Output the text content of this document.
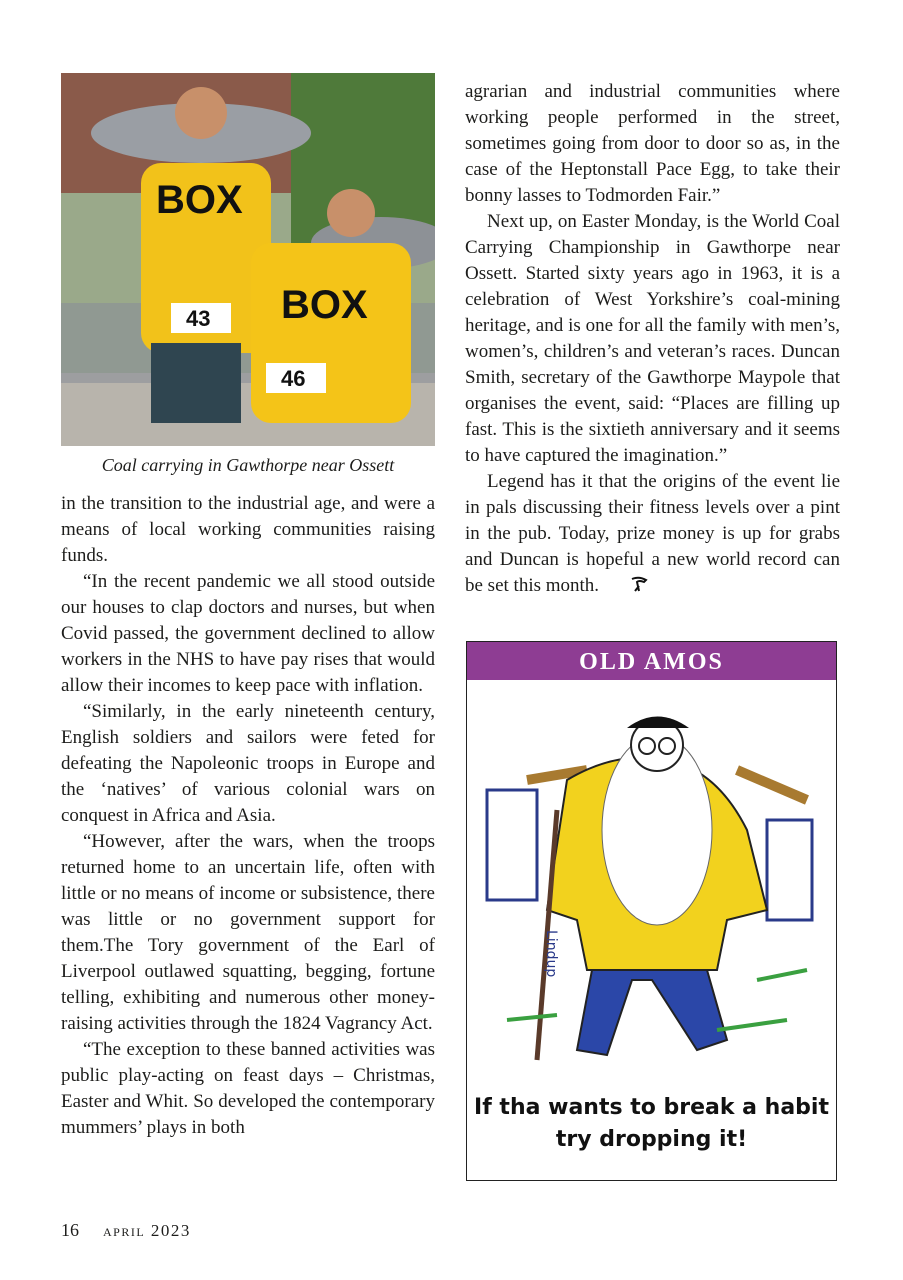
43
BOX
46
BOX
Coal carrying in Gawthorpe near Ossett

in the transition to the industrial age, and were a means of local working communities raising funds.

“In the recent pandemic we all stood outside our houses to clap doctors and nurses, but when Covid passed, the government declined to allow workers in the NHS to have pay rises that would allow their incomes to keep pace with inflation.

“Similarly, in the early nineteenth century, English soldiers and sailors were feted for defeating the Napoleonic troops in Europe and the ‘natives’ of various colonial wars on conquest in Africa and Asia.

“However, after the wars, when the troops returned home to an uncertain life, often with little or no means of income or subsistence, there was little or no government support for them.The Tory government of the Earl of Liverpool outlawed squatting, begging, fortune telling, exhibiting and numerous other money-raising activities through the 1824 Vagrancy Act.

“The exception to these banned activities was public play-acting on feast days – Christmas, Easter and Whit. So developed the contemporary mummers’ plays in both

agrarian and industrial communities where working people performed in the street, sometimes going from door to door so as, in the case of the Heptonstall Pace Egg, to take their bonny lasses to Todmorden Fair.”

Next up, on Easter Monday, is the World Coal Carrying Championship in Gawthorpe near Ossett. Started sixty years ago in 1963, it is a celebration of West Yorkshire’s coal-mining heritage, and is one for all the family with men’s, women’s, children’s and veteran’s races. Duncan Smith, secretary of the Gawthorpe Maypole that organises the event, said: “Places are filling up fast. This is the sixtieth anniversary and it seems to have captured the imagination.”

Legend has it that the origins of the event lie in pals discussing their fitness levels over a pint in the pub. Today, prize money is up for grabs and Duncan is hopeful a new world record can be set this month.

OLD AMOS
Lindup
If tha wants to break a habit
try dropping it!
16 april 2023
